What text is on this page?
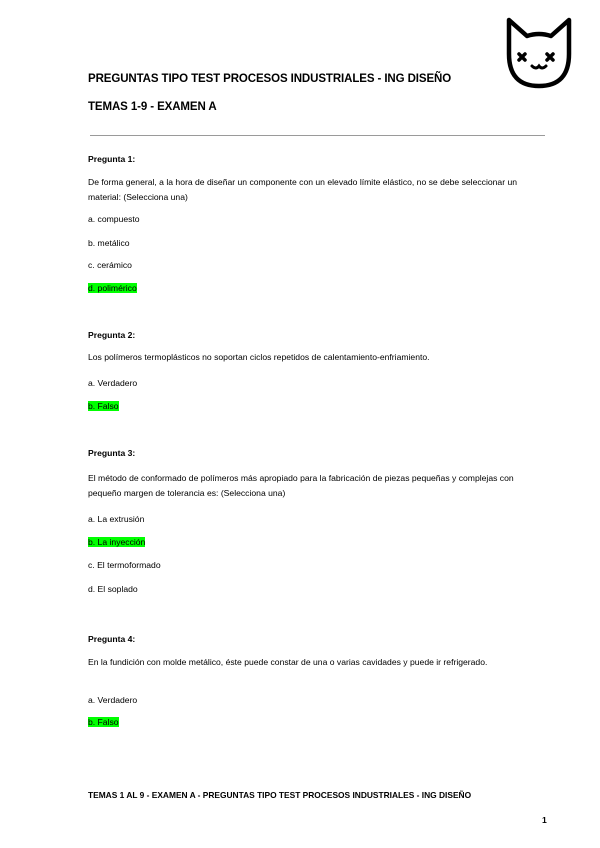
PREGUNTAS TIPO TEST PROCESOS INDUSTRIALES - ING DISEÑO
TEMAS 1-9 - EXAMEN A
Pregunta 1:
De forma general, a la hora de diseñar un componente con un elevado límite elástico, no se debe seleccionar un material: (Selecciona una)
a. compuesto
b. metálico
c. cerámico
d. polimérico
Pregunta 2:
Los polímeros termoplásticos no soportan ciclos repetidos de calentamiento-enfriamiento.
a. Verdadero
b. Falso
Pregunta 3:
El método de conformado de polímeros más apropiado para la fabricación de piezas pequeñas y complejas con pequeño margen de tolerancia es: (Selecciona una)
a. La extrusión
b. La inyección
c. El termoformado
d. El soplado
Pregunta 4:
En la fundición con molde metálico, éste puede constar de una o varias cavidades y puede ir refrigerado.
a. Verdadero
b. Falso
TEMAS 1 AL 9 - EXAMEN A - PREGUNTAS TIPO TEST PROCESOS INDUSTRIALES - ING DISEÑO
1
